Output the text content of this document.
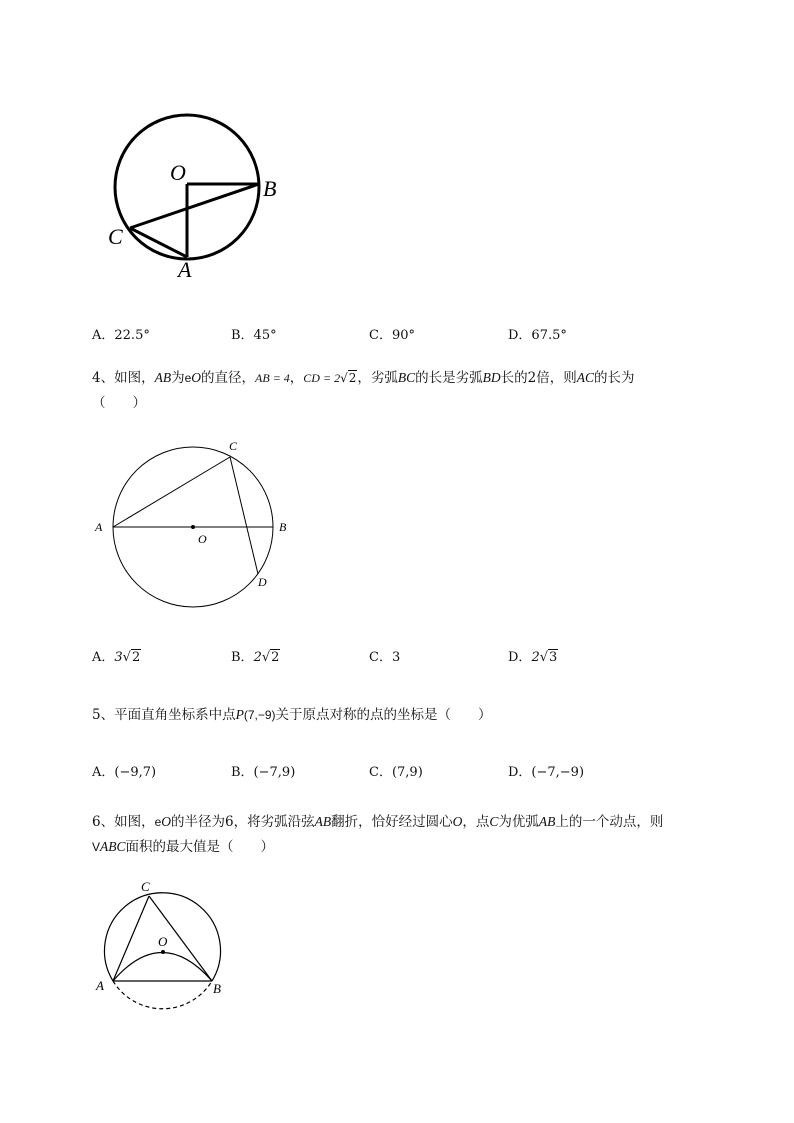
O
B
C
A
A．22.5°	B．45°	C．90°	D．67.5°
4、如图，AB为eO的直径，AB = 4，CD = 2√2，劣弧BC的长是劣弧BD长的2倍，则AC的长为
（　　）
A	B
C
D
O
A．3√2	B．2√2	C．3	D．2√3
5、平面直角坐标系中点P(7,−9)关于原点对称的点的坐标是（　　）
A．(−9,7)	B．(−7,9)	C．(7,9)	D．(−7,−9)
6、如图，eO的半径为6，将劣弧沿弦AB翻折，恰好经过圆心O，点C为优弧AB上的一个动点，则
VABC面积的最大值是（　　）
C
O
A	B
